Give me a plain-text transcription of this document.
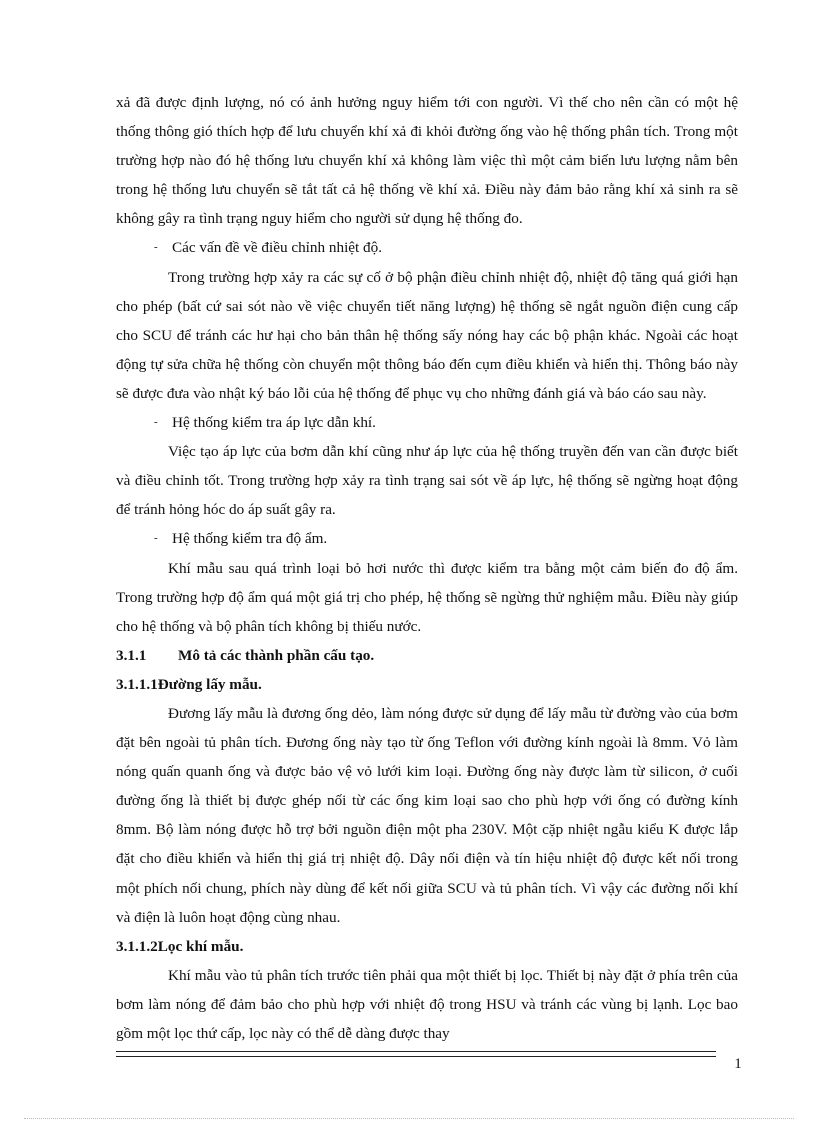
xả đã được định lượng, nó có ảnh hưởng nguy hiểm tới con người. Vì thế cho nên cần có một hệ thống thông gió thích hợp để lưu chuyển khí xả đi khỏi đường ống vào hệ thống phân tích. Trong một trường hợp nào đó hệ thống lưu chuyển khí xả không làm việc thì một cảm biến lưu lượng nằm bên trong hệ thống lưu chuyển sẽ tắt tất cả hệ thống về khí xả. Điều này đảm bảo rằng khí xả sinh ra sẽ không gây ra tình trạng nguy hiểm cho người sử dụng hệ thống đo.

- Các vấn đề về điều chỉnh nhiệt độ.

Trong trường hợp xảy ra các sự cố ở bộ phận điều chỉnh nhiệt độ, nhiệt độ tăng quá giới hạn cho phép (bất cứ sai sót nào về việc chuyển tiết năng lượng) hệ thống sẽ ngắt nguồn điện cung cấp cho SCU để tránh các hư hại cho bản thân hệ thống sấy nóng hay các bộ phận khác. Ngoài các hoạt động tự sửa chữa hệ thống còn chuyển một thông báo đến cụm điều khiển và hiển thị. Thông báo này sẽ được đưa vào nhật ký báo lỗi của hệ thống để phục vụ cho những đánh giá và báo cáo sau này.

- Hệ thống kiểm tra áp lực dẫn khí.

Việc tạo áp lực của bơm dẫn khí cũng như áp lực của hệ thống truyền đến van cần được biết và điều chỉnh tốt. Trong trường hợp xảy ra tình trạng sai sót về áp lực, hệ thống sẽ ngừng hoạt động để tránh hỏng hóc do áp suất gây ra.

- Hệ thống kiểm tra độ ẩm.

Khí mẫu sau quá trình loại bỏ hơi nước thì được kiểm tra bằng một cảm biến đo độ ẩm. Trong trường hợp độ ẩm quá một giá trị cho phép, hệ thống sẽ ngừng thử nghiệm mẫu. Điều này giúp cho hệ thống và bộ phân tích không bị thiếu nước.

3.1.1 Mô tả các thành phần cấu tạo.

3.1.1.1Đường lấy mẫu.

Đương lấy mẫu là đương ống dẻo, làm nóng được sử dụng để lấy mẫu từ đường vào của bơm đặt bên ngoài tủ phân tích. Đương ống này tạo từ ống Teflon với đường kính ngoài là 8mm. Vỏ làm nóng quấn quanh ống và được bảo vệ vỏ lưới kim loại. Đường ống này được làm từ silicon, ở cuối đường ống là thiết bị được ghép nối từ các ống kim loại sao cho phù hợp với ống có đường kính 8mm. Bộ làm nóng được hỗ trợ bởi nguồn điện một pha 230V. Một cặp nhiệt ngẫu kiểu K được lắp đặt cho điều khiển và hiển thị giá trị nhiệt độ. Dây nối điện và tín hiệu nhiệt độ được kết nối trong một phích nối chung, phích này dùng để kết nối giữa SCU và tủ phân tích. Vì vậy các đường nối khí và điện là luôn hoạt động cùng nhau.

3.1.1.2Lọc khí mẫu.

Khí mẫu vào tủ phân tích trước tiên phải qua một thiết bị lọc. Thiết bị này đặt ở phía trên của bơm làm nóng để đảm bảo cho phù hợp với nhiệt độ trong HSU và tránh các vùng bị lạnh. Lọc bao gồm một lọc thứ cấp, lọc này có thể dễ dàng được thay

1
